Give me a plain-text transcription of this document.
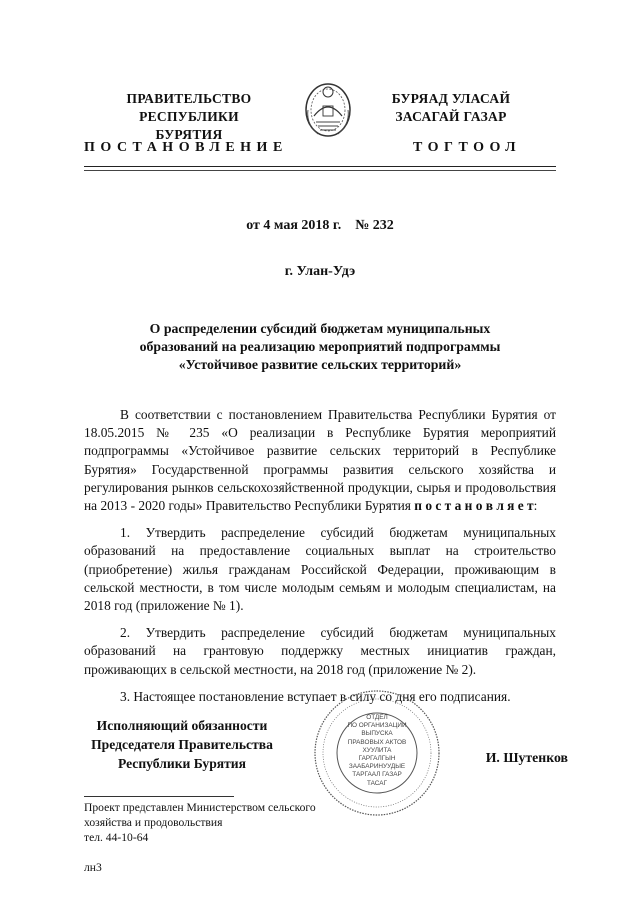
ПРАВИТЕЛЬСТВО
РЕСПУБЛИКИ БУРЯТИЯ
БУРЯАД УЛАСАЙ
ЗАСАГАЙ ГАЗАР
ПОСТАНОВЛЕНИЕ	ТОГТООЛ
от 4 мая 2018 г.    № 232
г. Улан-Удэ
О распределении субсидий бюджетам муниципальных
образований на реализацию мероприятий подпрограммы
«Устойчивое развитие сельских территорий»

В соответствии с постановлением Правительства Республики Бурятия от 18.05.2015 № 235 «О реализации в Республике Бурятия мероприятий подпрограммы «Устойчивое развитие сельских территорий в Республике Бурятия» Государственной программы развития сельского хозяйства и регулирования рынков сельскохозяйственной продукции, сырья и продовольствия на 2013 - 2020 годы» Правительство Республики Бурятия п о с т а н о в л я е т:

1. Утвердить распределение субсидий бюджетам муниципальных образований на предоставление социальных выплат на строительство (приобретение) жилья гражданам Российской Федерации, проживающим в сельской местности, в том числе молодым семьям и молодым специалистам, на 2018 год (приложение № 1).

2. Утвердить распределение субсидий бюджетам муниципальных образований на грантовую поддержку местных инициатив граждан, проживающих в сельской местности, на 2018 год (приложение № 2).

3. Настоящее постановление вступает в силу со дня его подписания.

Исполняющий обязанности
Председателя Правительства
Республики Бурятия
ОТДЕЛ
ПО ОРГАНИЗАЦИИ
ВЫПУСКА
ПРАВОВЫХ АКТОВ
ХУУЛИТА
ГАРГАЛГЫН
ЗААБАРИНУУДЫЕ
ТАРГААЛ ГАЗАР
ТАСАГ
И. Шутенков
Проект представлен Министерством сельского
хозяйства и продовольствия
тел. 44-10-64
лн3
